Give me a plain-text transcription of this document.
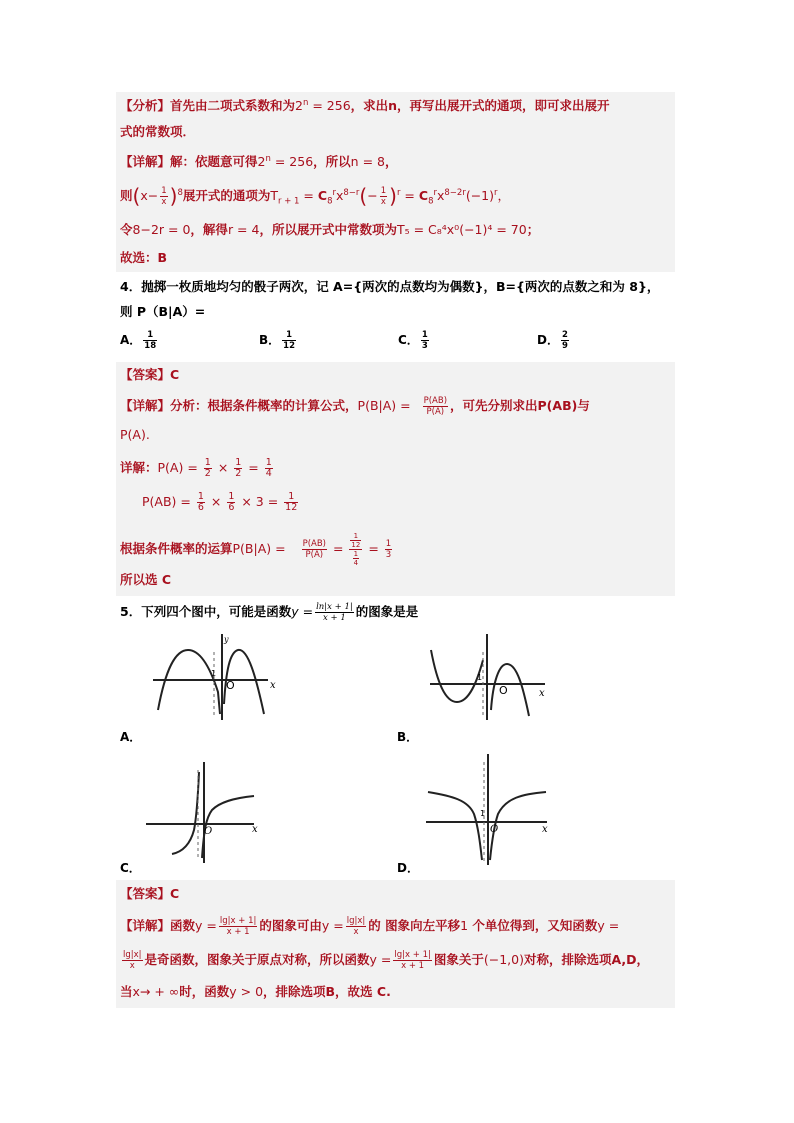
【分析】首先由二项式系数和为$2^n = 256$，求出n，再写出展开式的通项，即可求出展开
式的常数项．
【详解】解：依题意可得$2^n = 256$，所以n = 8，
则$(x- \frac{1}{x} )^8$展开式的通项为$T_{r + 1} = C_8^rx^{8-r}(- \frac{1}{x} )^r = C_8^rx^{8-2r}(-1)^r$，
令8−2r = 0，解得r = 4，所以展开式中常数项为T₅ = C₈⁴x⁰(−1)⁴ = 70；
故选：B
4．抛掷一枚质地均匀的骰子两次，记 A={两次的点数均为偶数}，B={两次的点数之和为 8}，
则 P（B|A）=
A． $\frac{1}{18}$	B． $\frac{1}{12}$	C． $\frac{1}{3}$	D． $\frac{2}{9}$
【答案】C
【详解】分析：根据条件概率的计算公式，$P(B|A) = \frac{P(AB)}{P(A)}$ ，可先分别求出P(AB)与
P(A).
详解：$P(A) = \frac{1}{2} \times \frac{1}{2} = \frac{1}{4}$
$P(AB) = \frac{1}{6} \times \frac{1}{6} \times 3 = \frac{1}{12}$
根据条件概率的运算$P(B|A) = \frac{P(AB)}{P(A)} = \frac{\frac{1}{12}}{\frac{1}{4}} = \frac{1}{3}$
所以选 C
5．下列四个图中，可能是函数$y = \frac{\ln|x + 1|}{x + 1}$ 的图象是是
x
O
1
y
A．
x
O
1
B．
x
O
C．
x
O
1
D．
【答案】C
【详解】函数$y = \frac{\lg|x + 1|}{x + 1}$ 的图象可由$y = \frac{\lg|x|}{x}$ 的 图象向左平移1 个单位得到，又知函数y =
$\frac{\lg|x|}{x}$ 是奇函数，图象关于原点对称，所以函数$y = \frac{\lg|x + 1|}{x + 1}$ 图象关于(−1,0)对称，排除选项A,D，
当x→ + ∞时，函数y > 0，排除选项B，故选 C.
